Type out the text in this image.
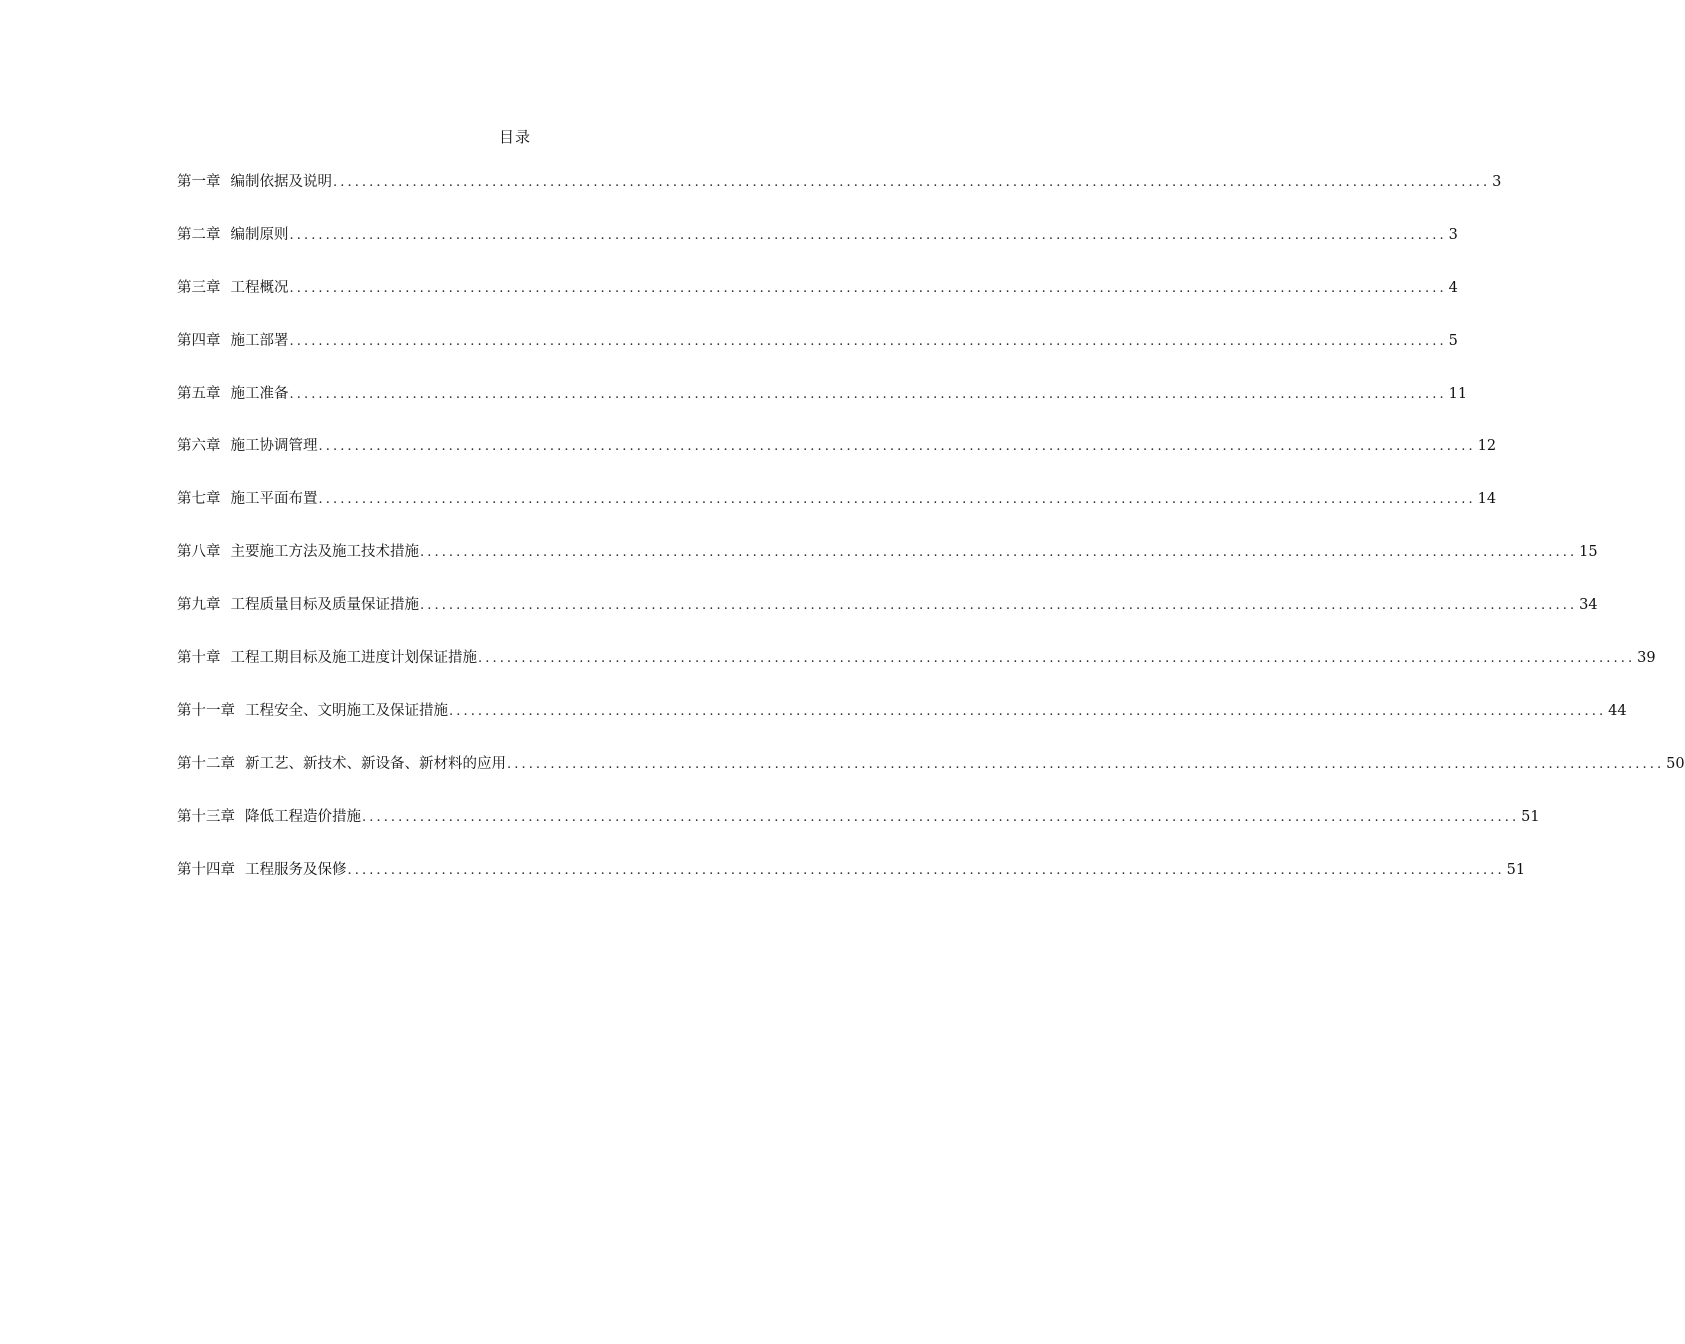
目录
第一章 编制依据及说明 ................................................................................................................................................................ 3
第二章 编制原则 ................................................................................................................................................................ 3
第三章 工程概况 ................................................................................................................................................................ 4
第四章 施工部署 ................................................................................................................................................................ 5
第五章 施工准备 ................................................................................................................................................................ 11
第六章 施工协调管理 ................................................................................................................................................................ 12
第七章 施工平面布置 ................................................................................................................................................................ 14
第八章 主要施工方法及施工技术措施 ................................................................................................................................................................ 15
第九章 工程质量目标及质量保证措施 ................................................................................................................................................................ 34
第十章 工程工期目标及施工进度计划保证措施 ................................................................................................................................................................ 39
第十一章 工程安全、文明施工及保证措施 ................................................................................................................................................................ 44
第十二章 新工艺、新技术、新设备、新材料的应用 ................................................................................................................................................................ 50
第十三章 降低工程造价措施 ................................................................................................................................................................ 51
第十四章 工程服务及保修 ................................................................................................................................................................ 51
